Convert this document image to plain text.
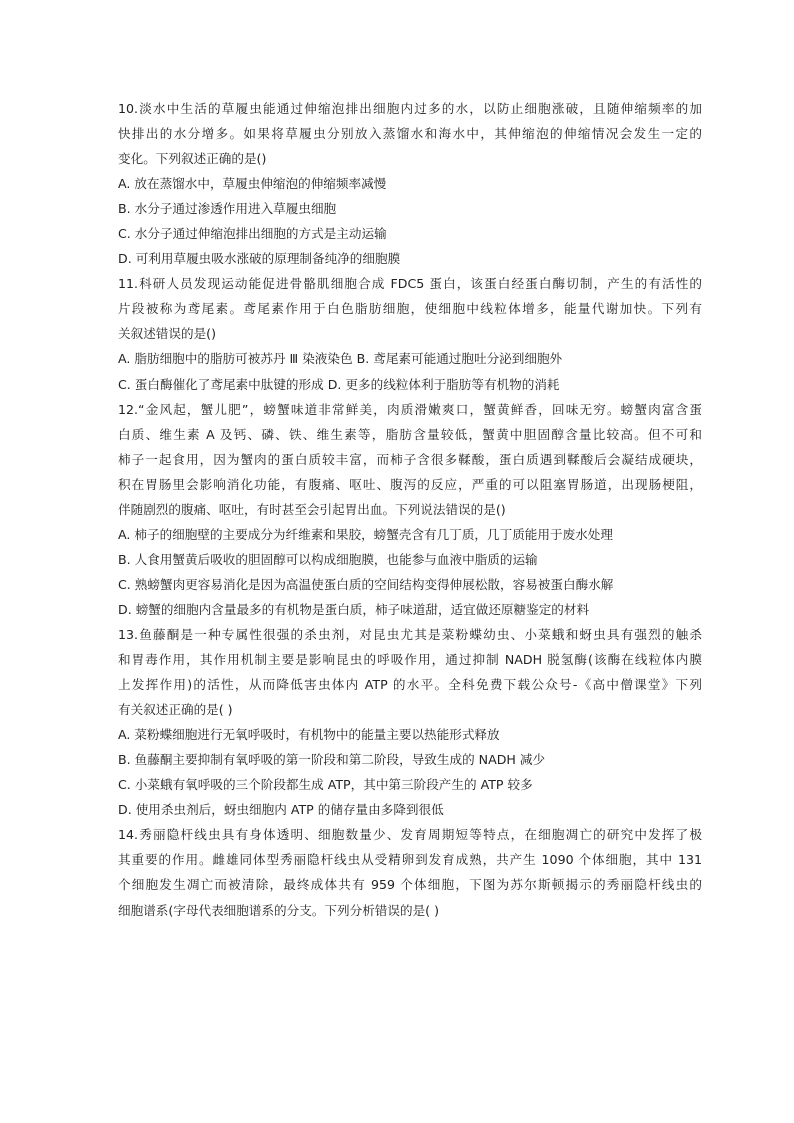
10.淡水中生活的草履虫能通过伸缩泡排出细胞内过多的水，以防止细胞涨破，且随伸缩频率的加
快排出的水分增多。如果将草履虫分别放入蒸馏水和海水中，其伸缩泡的伸缩情况会发生一定的
变化。下列叙述正确的是()
A. 放在蒸馏水中，草履虫伸缩泡的伸缩频率减慢
B. 水分子通过渗透作用进入草履虫细胞
C. 水分子通过伸缩泡排出细胞的方式是主动运输
D. 可利用草履虫吸水涨破的原理制备纯净的细胞膜
11.科研人员发现运动能促进骨骼肌细胞合成 FDC5 蛋白，该蛋白经蛋白酶切制，产生的有活性的
片段被称为鸢尾素。鸢尾素作用于白色脂肪细胞，使细胞中线粒体增多，能量代谢加快。下列有
关叙述错误的是()
A. 脂肪细胞中的脂肪可被苏丹 Ⅲ 染液染色 B. 鸢尾素可能通过胞吐分泌到细胞外
C. 蛋白酶催化了鸢尾素中肽键的形成 D. 更多的线粒体利于脂肪等有机物的消耗
12.“金风起，蟹儿肥”，螃蟹味道非常鲜美，肉质滑嫩爽口，蟹黄鲜香，回味无穷。螃蟹肉富含蛋
白质、维生素 A 及钙、磷、铁、维生素等，脂肪含量较低，蟹黄中胆固醇含量比较高。但不可和
柿子一起食用，因为蟹肉的蛋白质较丰富，而柿子含很多鞣酸，蛋白质遇到鞣酸后会凝结成硬块，
积在胃肠里会影响消化功能，有腹痛、呕吐、腹泻的反应，严重的可以阻塞胃肠道，出现肠梗阻，
伴随剧烈的腹痛、呕吐，有时甚至会引起胃出血。下列说法错误的是()
A. 柿子的细胞壁的主要成分为纤维素和果胶，螃蟹壳含有几丁质，几丁质能用于废水处理
B. 人食用蟹黄后吸收的胆固醇可以构成细胞膜，也能参与血液中脂质的运输
C. 熟螃蟹肉更容易消化是因为高温使蛋白质的空间结构变得伸展松散，容易被蛋白酶水解
D. 螃蟹的细胞内含量最多的有机物是蛋白质，柿子味道甜，适宜做还原糖鉴定的材料
13.鱼藤酮是一种专属性很强的杀虫剂，对昆虫尤其是菜粉蝶幼虫、小菜蛾和蚜虫具有强烈的触杀
和胃毒作用，其作用机制主要是影响昆虫的呼吸作用，通过抑制 NADH 脱氢酶(该酶在线粒体内膜
上发挥作用)的活性，从而降低害虫体内 ATP 的水平。全科免费下载公众号-《高中僧课堂》下列
有关叙述正确的是( )
A. 菜粉蝶细胞进行无氧呼吸时，有机物中的能量主要以热能形式释放
B. 鱼藤酮主要抑制有氧呼吸的第一阶段和第二阶段，导致生成的 NADH 减少
C. 小菜蛾有氧呼吸的三个阶段都生成 ATP，其中第三阶段产生的 ATP 较多
D. 使用杀虫剂后，蚜虫细胞内 ATP 的储存量由多降到很低
14.秀丽隐杆线虫具有身体透明、细胞数量少、发育周期短等特点，在细胞凋亡的研究中发挥了极
其重要的作用。雌雄同体型秀丽隐杆线虫从受精卵到发育成熟，共产生 1090 个体细胞，其中 131
个细胞发生凋亡而被清除，最终成体共有 959 个体细胞，下图为苏尔斯顿揭示的秀丽隐杆线虫的
细胞谱系(字母代表细胞谱系的分支。下列分析错误的是( )
